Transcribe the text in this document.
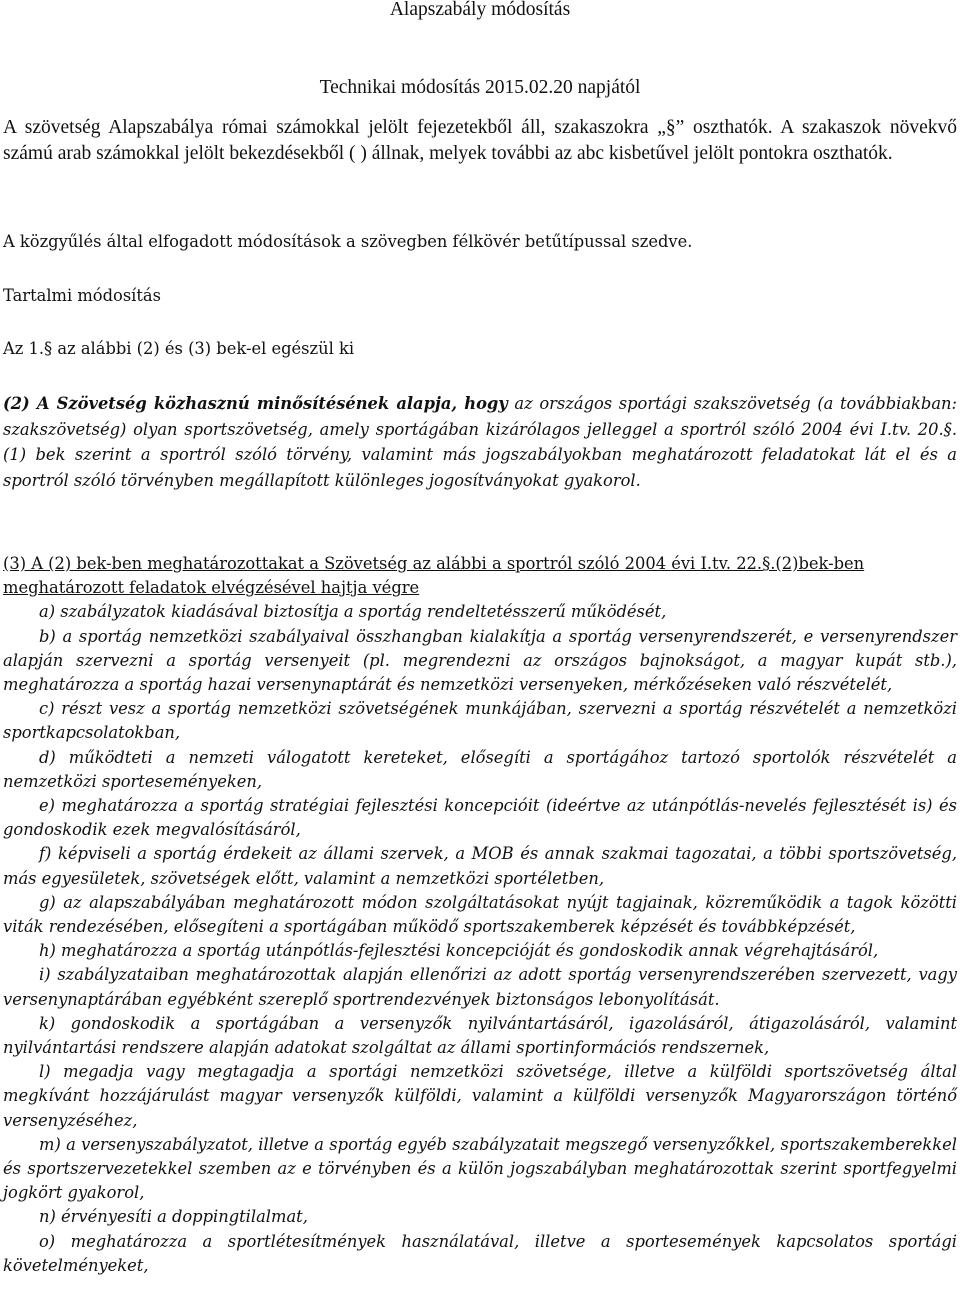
Alapszabály módosítás
Technikai módosítás 2015.02.20 napjától

A szövetség Alapszabálya római számokkal jelölt fejezetekből áll, szakaszokra „§” oszthatók. A szakaszok növekvő számú arab számokkal jelölt bekezdésekből ( ) állnak, melyek további az abc kisbetűvel jelölt pontokra oszthatók.

A közgyűlés által elfogadott módosítások a szövegben félkövér betűtípussal szedve.

Tartalmi módosítás

Az 1.§ az alábbi (2) és (3) bek-el egészül ki

(2) A Szövetség közhasznú minősítésének alapja, hogy az országos sportági szakszövetség (a továbbiakban: szakszövetség) olyan sportszövetség, amely sportágában kizárólagos jelleggel a sportról szóló 2004 évi I.tv. 20.§.(1) bek szerint a sportról szóló törvény, valamint más jogszabályokban meghatározott feladatokat lát el és a sportról szóló törvényben megállapított különleges jogosítványokat gyakorol.

(3) A (2) bek-ben meghatározottakat a Szövetség az alábbi a sportról szóló 2004 évi I.tv. 22.§.(2)bek-ben meghatározott feladatok elvégzésével hajtja végre

a) szabályzatok kiadásával biztosítja a sportág rendeltetésszerű működését,

b) a sportág nemzetközi szabályaival összhangban kialakítja a sportág versenyrendszerét, e versenyrendszer alapján szervezni a sportág versenyeit (pl. megrendezni az országos bajnokságot, a magyar kupát stb.), meghatározza a sportág hazai versenynaptárát és nemzetközi versenyeken, mérkőzéseken való részvételét,

c) részt vesz a sportág nemzetközi szövetségének munkájában, szervezni a sportág részvételét a nemzetközi sportkapcsolatokban,

d) működteti a nemzeti válogatott kereteket, elősegíti a sportágához tartozó sportolók részvételét a nemzetközi sporteseményeken,

e) meghatározza a sportág stratégiai fejlesztési koncepcióit (ideértve az utánpótlás-nevelés fejlesztését is) és gondoskodik ezek megvalósításáról,

f) képviseli a sportág érdekeit az állami szervek, a MOB és annak szakmai tagozatai, a többi sportszövetség, más egyesületek, szövetségek előtt, valamint a nemzetközi sportéletben,

g) az alapszabályában meghatározott módon szolgáltatásokat nyújt tagjainak, közreműködik a tagok közötti viták rendezésében, elősegíteni a sportágában működő sportszakemberek képzését és továbbképzését,

h) meghatározza a sportág utánpótlás-fejlesztési koncepcióját és gondoskodik annak végrehajtásáról,

i) szabályzataiban meghatározottak alapján ellenőrizi az adott sportág versenyrendszerében szervezett, vagy versenynaptárában egyébként szereplő sportrendezvények biztonságos lebonyolítását.

k) gondoskodik a sportágában a versenyzők nyilvántartásáról, igazolásáról, átigazolásáról, valamint nyilvántartási rendszere alapján adatokat szolgáltat az állami sportinformációs rendszernek,

l) megadja vagy megtagadja a sportági nemzetközi szövetsége, illetve a külföldi sportszövetség által megkívánt hozzájárulást magyar versenyzők külföldi, valamint a külföldi versenyzők Magyarországon történő versenyzéséhez,

m) a versenyszabályzatot, illetve a sportág egyéb szabályzatait megszegő versenyzőkkel, sportszakemberekkel és sportszervezetekkel szemben az e törvényben és a külön jogszabályban meghatározottak szerint sportfegyelmi jogkört gyakorol,

n) érvényesíti a doppingtilalmat,

o) meghatározza a sportlétesítmények használatával, illetve a sportesemények kapcsolatos sportági követelményeket,
